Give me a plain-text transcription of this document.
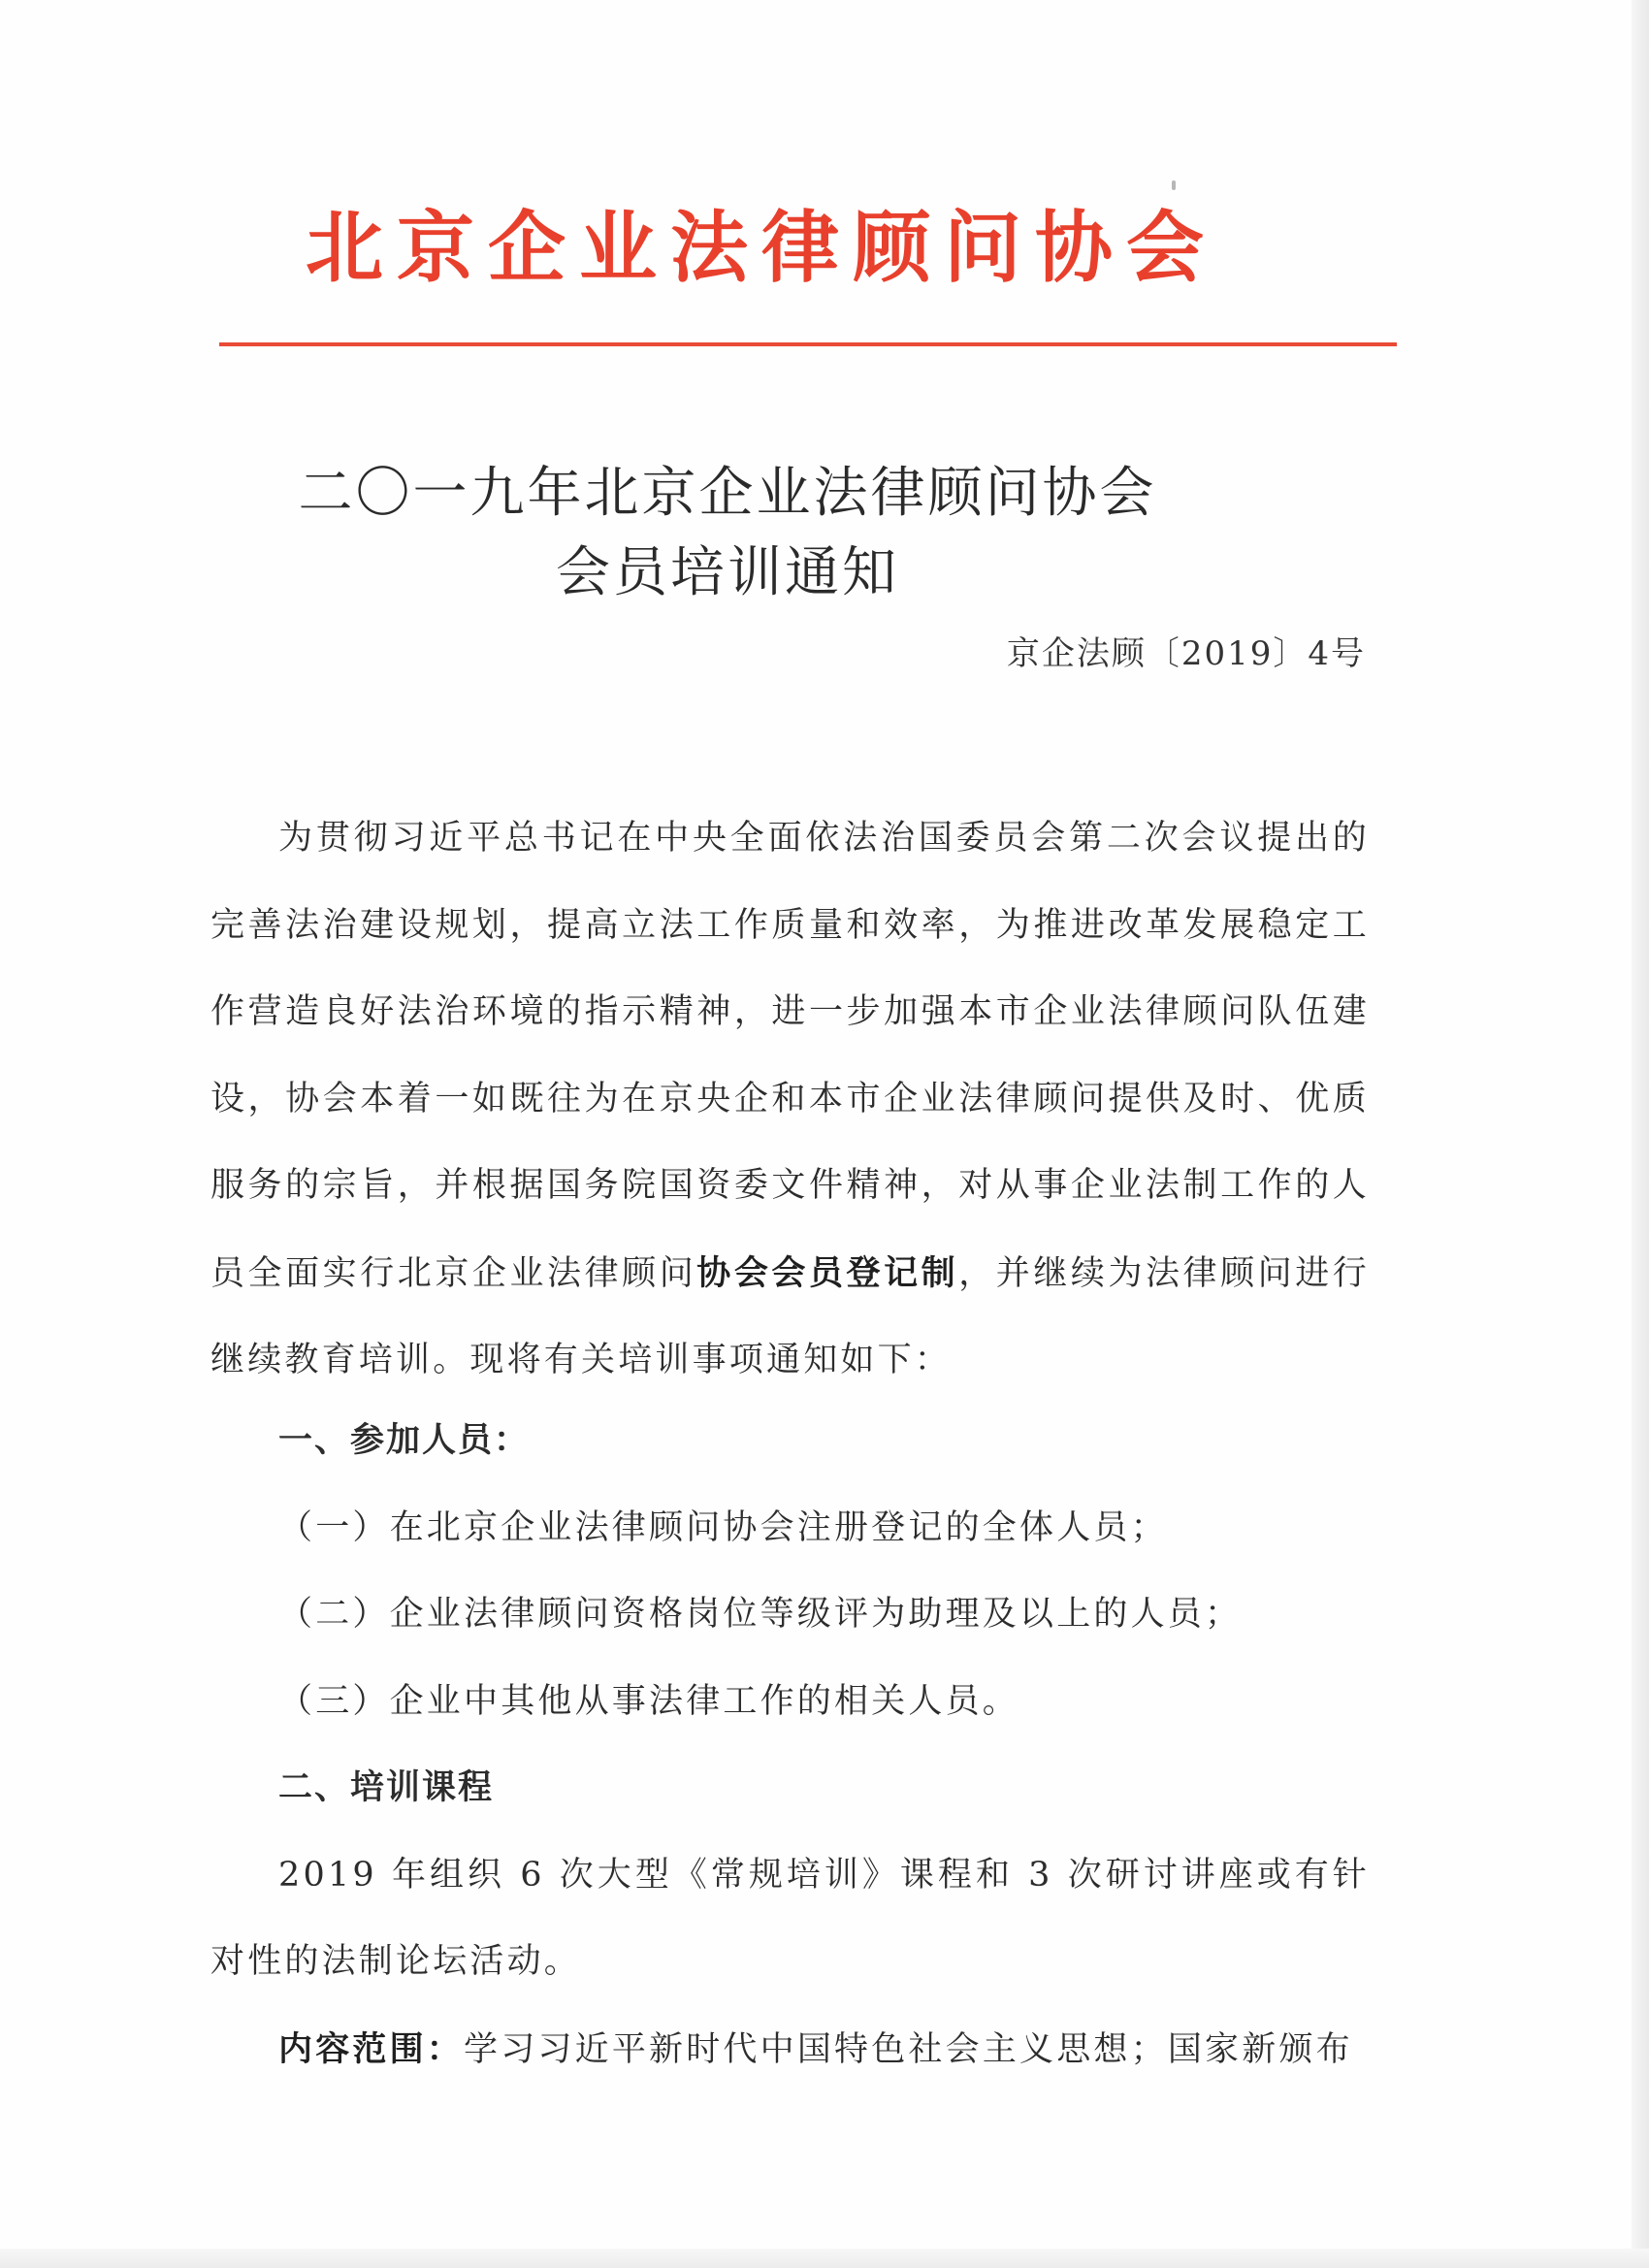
北京企业法律顾问协会
二〇一九年北京企业法律顾问协会
会员培训通知
京企法顾〔2019〕4号

为贯彻习近平总书记在中央全面依法治国委员会第二次会议提出的完善法治建设规划，提高立法工作质量和效率，为推进改革发展稳定工作营造良好法治环境的指示精神，进一步加强本市企业法律顾问队伍建设，协会本着一如既往为在京央企和本市企业法律顾问提供及时、优质服务的宗旨，并根据国务院国资委文件精神，对从事企业法制工作的人员全面实行北京企业法律顾问协会会员登记制，并继续为法律顾问进行继续教育培训。现将有关培训事项通知如下：

一、参加人员：

（一）在北京企业法律顾问协会注册登记的全体人员；

（二）企业法律顾问资格岗位等级评为助理及以上的人员；

（三）企业中其他从事法律工作的相关人员。

二、培训课程

2019 年组织 6 次大型《常规培训》课程和 3 次研讨讲座或有针对性的法制论坛活动。

内容范围：学习习近平新时代中国特色社会主义思想；国家新颁布
